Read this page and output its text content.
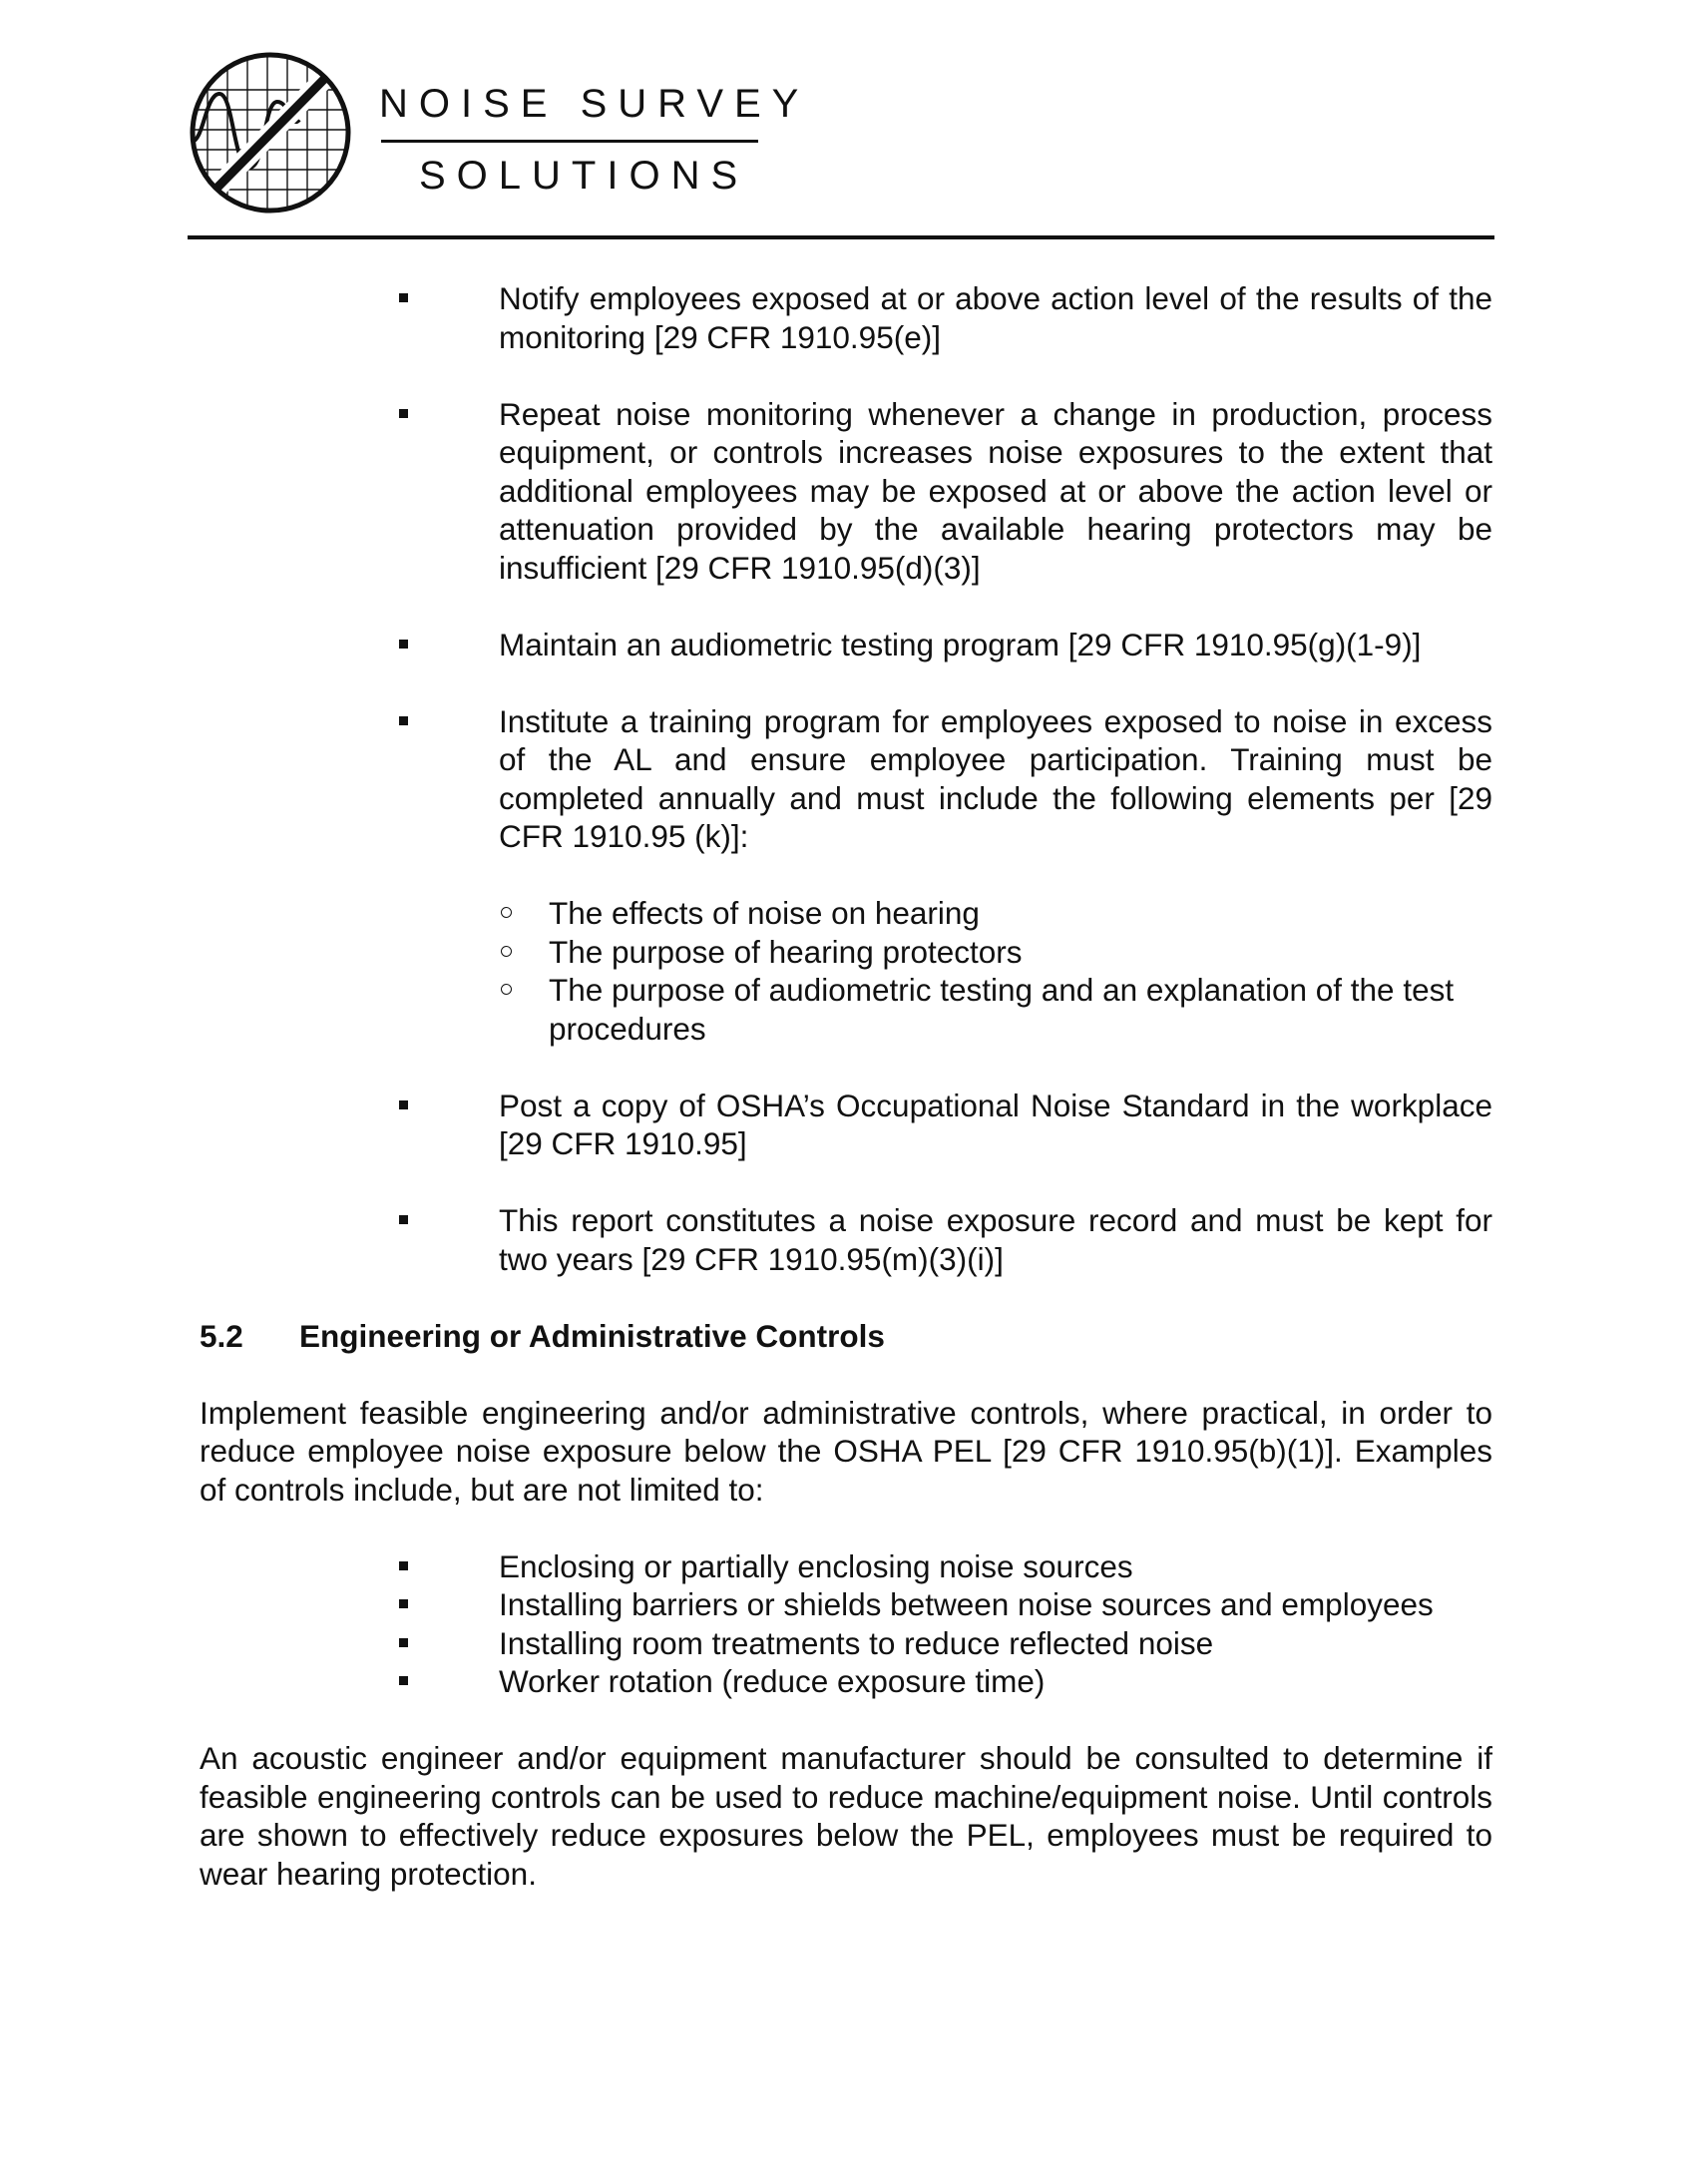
NOISE SURVEY
SOLUTIONS
Notify employees exposed at or above action level of the results of the monitoring [29 CFR 1910.95(e)]
Repeat noise monitoring whenever a change in production, process equipment, or controls increases noise exposures to the extent that additional employees may be exposed at or above the action level or attenuation provided by the available hearing protectors may be insufficient [29 CFR 1910.95(d)(3)]
Maintain an audiometric testing program [29 CFR 1910.95(g)(1-9)]
Institute a training program for employees exposed to noise in excess of the AL and ensure employee participation. Training must be completed annually and must include the following elements per [29 CFR 1910.95 (k)]:
The effects of noise on hearing
The purpose of hearing protectors
The purpose of audiometric testing and an explanation of the test procedures
Post a copy of OSHA’s Occupational Noise Standard in the workplace [29 CFR 1910.95]
This report constitutes a noise exposure record and must be kept for two years [29 CFR 1910.95(m)(3)(i)]
5.2 Engineering or Administrative Controls

Implement feasible engineering and/or administrative controls, where practical, in order to reduce employee noise exposure below the OSHA PEL [29 CFR 1910.95(b)(1)]. Examples of controls include, but are not limited to:

Enclosing or partially enclosing noise sources
Installing barriers or shields between noise sources and employees
Installing room treatments to reduce reflected noise
Worker rotation (reduce exposure time)

An acoustic engineer and/or equipment manufacturer should be consulted to determine if feasible engineering controls can be used to reduce machine/equipment noise. Until controls are shown to effectively reduce exposures below the PEL, employees must be required to wear hearing protection.
